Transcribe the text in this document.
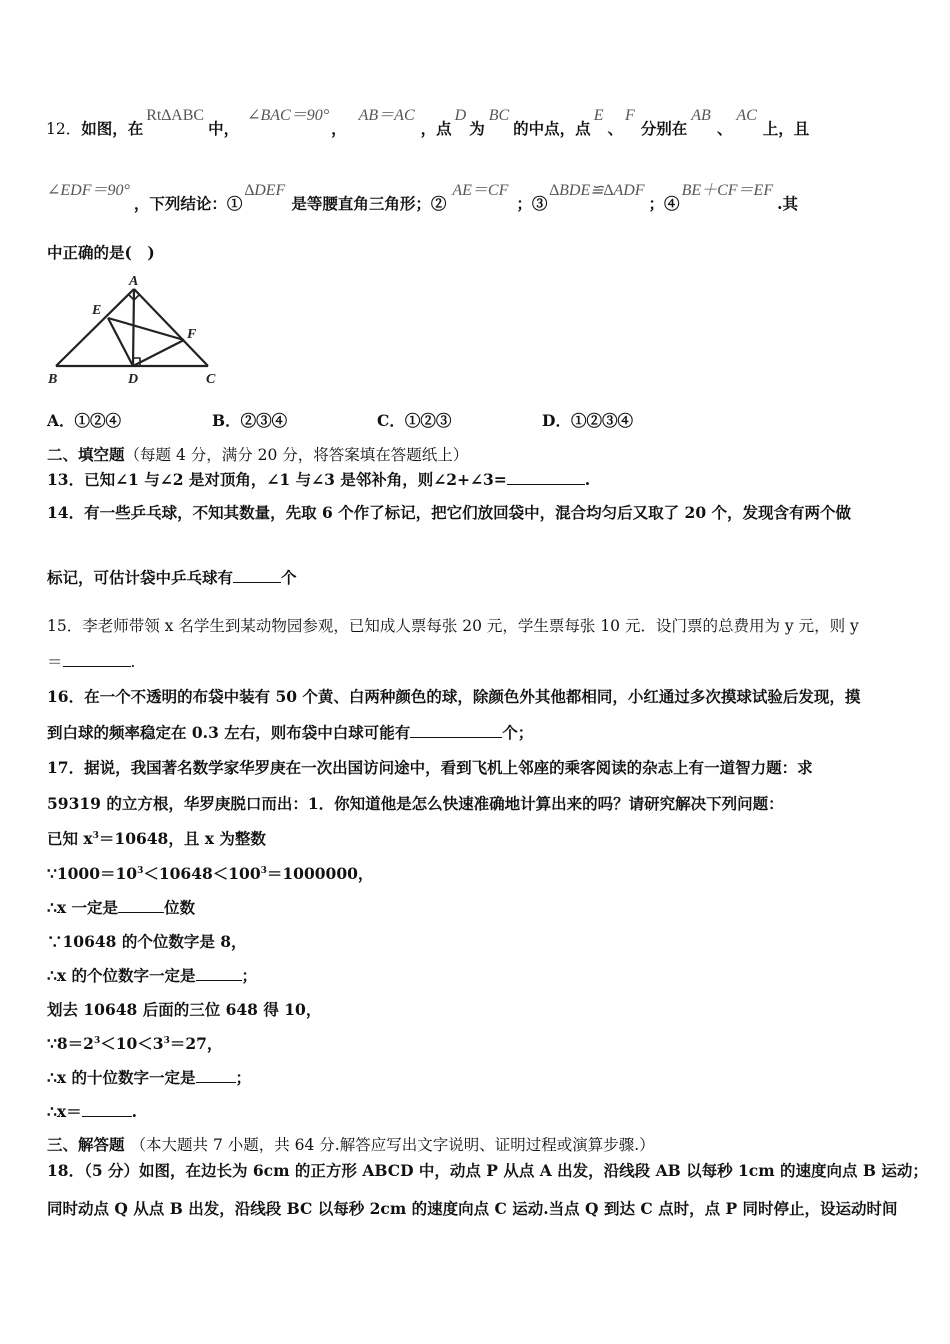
12．如图，在Rt∆ABC中，∠BAC＝90°，AB＝AC，点D为BC的中点，点E、F分别在AB、AC上，且
∠EDF＝90°，下列结论：①∆DEF是等腰直角三角形；②AE＝CF；③∆BDE≌∆ADF；④BE＋CF＝EF.其
中正确的是(　)
A
B	C
D
E
F
A．①②④	B．②③④	C．①②③	D．①②③④
二、填空题（每题 4 分，满分 20 分，将答案填在答题纸上）
13．已知∠1 与∠2 是对顶角，∠1 与∠3 是邻补角，则∠2+∠3=	.
14．有一些乒乓球，不知其数量，先取 6 个作了标记，把它们放回袋中，混合均匀后又取了 20 个，发现含有两个做
标记，可估计袋中乒乓球有	个
15．李老师带领 x 名学生到某动物园参观，已知成人票每张 20 元，学生票每张 10 元．设门票的总费用为 y 元，则 y
＝	.
16．在一个不透明的布袋中装有 50 个黄、白两种颜色的球，除颜色外其他都相同，小红通过多次摸球试验后发现，摸
到白球的频率稳定在 0.3 左右，则布袋中白球可能有	个；
17．据说，我国著名数学家华罗庚在一次出国访问途中，看到飞机上邻座的乘客阅读的杂志上有一道智力题：求
59319 的立方根，华罗庚脱口而出：1．你知道他是怎么快速准确地计算出来的吗？请研究解决下列问题：
已知 $x^3=10648$，且 x 为整数
$\because 1000=10^3<10648<100^3=1000000$，
∴x 一定是	位数
∵10648 的个位数字是 8，
∴x 的个位数字一定是	；
划去 10648 后面的三位 648 得 10，
$\because 8=2^3<10<3^3=27$，
∴x 的十位数字一定是	；
∴x＝	.
三、解答题 （本大题共 7 小题，共 64 分.解答应写出文字说明、证明过程或演算步骤.）
18．（5 分）如图，在边长为 6cm 的正方形 ABCD 中，动点 P 从点 A 出发，沿线段 AB 以每秒 1cm 的速度向点 B 运动；
同时动点 Q 从点 B 出发，沿线段 BC 以每秒 2cm 的速度向点 C 运动.当点 Q 到达 C 点时，点 P 同时停止，设运动时间
